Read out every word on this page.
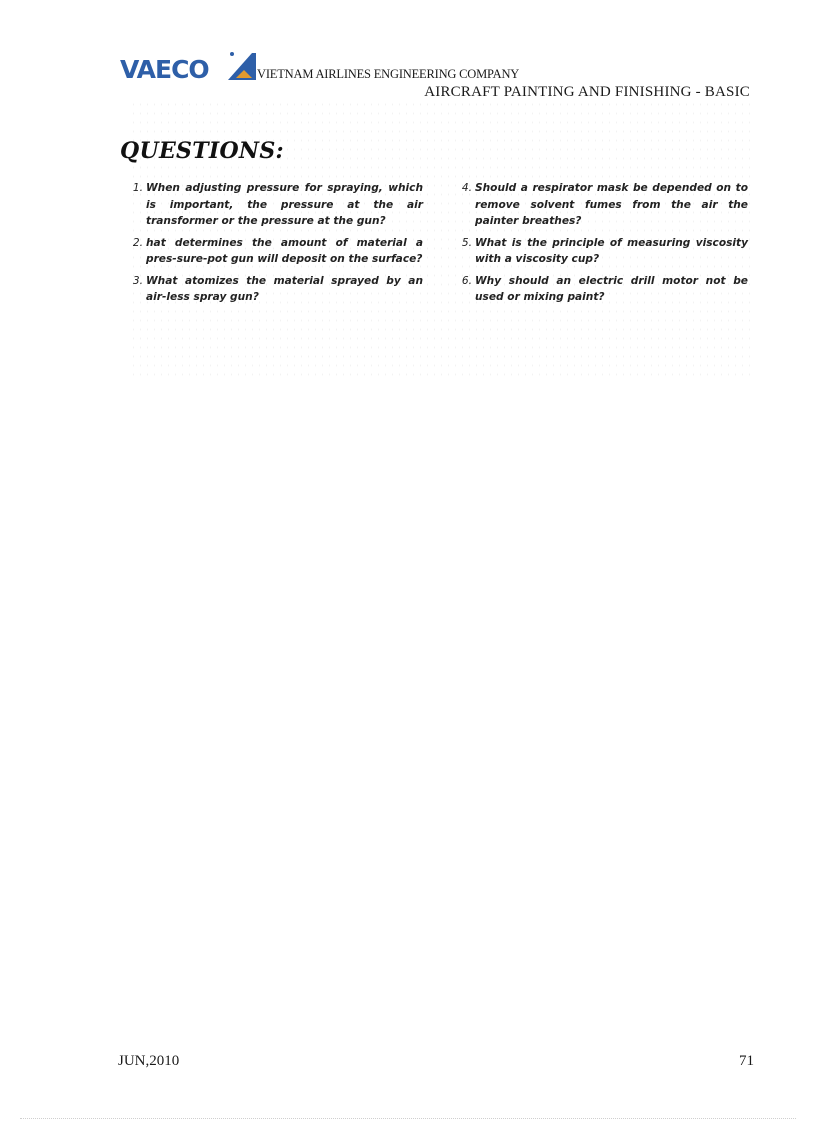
VAECO	VIETNAM AIRLINES ENGINEERING COMPANY
AIRCRAFT PAINTING AND FINISHING - BASIC
QUESTIONS:
1. When adjusting pressure for spraying, which is important, the pressure at the air transformer or the pressure at the gun?
2. hat determines the amount of material a pres-sure-pot gun will deposit on the surface?
3. What atomizes the material sprayed by an air-less spray gun?
4. Should a respirator mask be depended on to remove solvent fumes from the air the painter breathes?
5. What is the principle of measuring viscosity with a viscosity cup?
6. Why should an electric drill motor not be used or mixing paint?
JUN,2010	71
